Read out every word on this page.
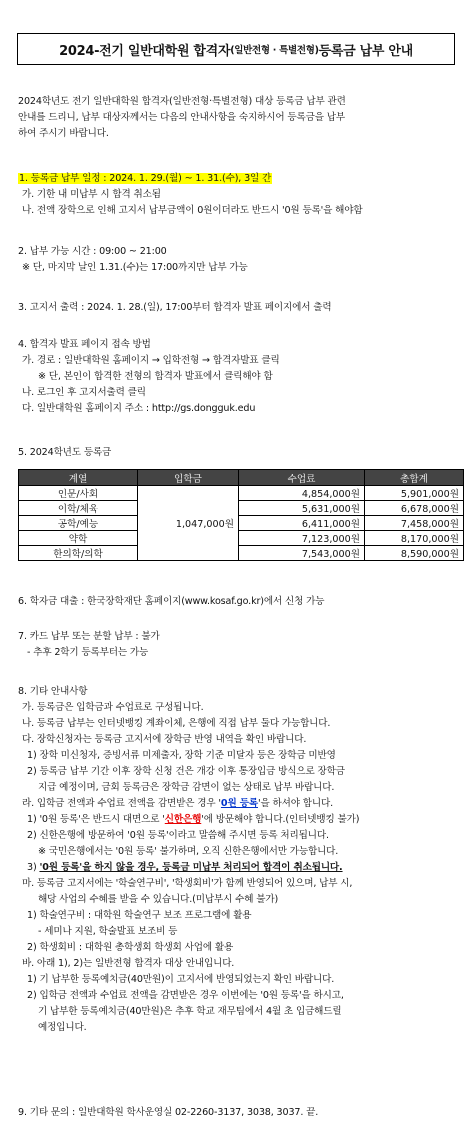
2024-전기 일반대학원 합격자 (일반전형 · 특별전형) 등록금 납부 안내
2024학년도 전기 일반대학원 합격자(일반전형·특별전형) 대상 등록금 납부 관련
안내를 드리니, 납부 대상자께서는 다음의 안내사항을 숙지하시어 등록금을 납부
하여 주시기 바랍니다.
1. 등록금 납부 일정 : 2024. 1. 29.(월) ~ 1. 31.(수), 3일 간
가. 기한 내 미납부 시 합격 취소됨
나. 전액 장학으로 인해 고지서 납부금액이 0원이더라도 반드시 '0원 등록'을 해야함
2. 납부 가능 시간 : 09:00 ~ 21:00
※ 단, 마지막 날인 1.31.(수)는 17:00까지만 납부 가능
3. 고지서 출력 : 2024. 1. 28.(일), 17:00부터 합격자 발표 페이지에서 출력
4. 합격자 발표 페이지 접속 방법
가. 경로 : 일반대학원 홈페이지 → 입학전형 → 합격자발표 클릭
※ 단, 본인이 합격한 전형의 합격자 발표에서 클릭해야 함
나. 로그인 후 고지서출력 클릭
다. 일반대학원 홈페이지 주소 : http://gs.dongguk.edu
5. 2024학년도 등록금
계열	입학금	수업료	총합계
인문/사회	1,047,000원	4,854,000원	5,901,000원
이학/체육		5,631,000원	6,678,000원
공학/예능		6,411,000원	7,458,000원
약학		7,123,000원	8,170,000원
한의학/의학		7,543,000원	8,590,000원
6. 학자금 대출 : 한국장학재단 홈페이지(www.kosaf.go.kr)에서 신청 가능
7. 카드 납부 또는 분할 납부 : 불가
- 추후 2학기 등록부터는 가능
8. 기타 안내사항
가. 등록금은 입학금과 수업료로 구성됩니다.
나. 등록금 납부는 인터넷뱅킹 계좌이체, 은행에 직접 납부 둘다 가능합니다.
다. 장학신청자는 등록금 고지서에 장학금 반영 내역을 확인 바랍니다.
1) 장학 미신청자, 증빙서류 미제출자, 장학 기준 미달자 등은 장학금 미반영
2) 등록금 납부 기간 이후 장학 신청 건은 개강 이후 통장입금 방식으로 장학금
지급 예정이며, 금회 등록금은 장학금 감면이 없는 상태로 납부 바랍니다.
라. 입학금 전액과 수업료 전액을 감면받은 경우 '0원 등록'을 하셔야 합니다.
1) '0원 등록'은 반드시 대면으로 '신한은행'에 방문해야 합니다.(인터넷뱅킹 불가)
2) 신한은행에 방문하여 '0원 등록'이라고 말씀해 주시면 등록 처리됩니다.
※ 국민은행에서는 '0원 등록' 불가하며, 오직 신한은행에서만 가능합니다.
3) '0원 등록'을 하지 않을 경우, 등록금 미납부 처리되어 합격이 취소됩니다.
마. 등록금 고지서에는 '학술연구비', '학생회비'가 함께 반영되어 있으며, 납부 시,
해당 사업의 수혜를 받을 수 있습니다.(미납부시 수혜 불가)
1) 학술연구비 : 대학원 학술연구 보조 프로그램에 활용
- 세미나 지원, 학술발표 보조비 등
2) 학생회비 : 대학원 총학생회 학생회 사업에 활용
바. 아래 1), 2)는 일반전형 합격자 대상 안내입니다.
1) 기 납부한 등록예치금(40만원)이 고지서에 반영되었는지 확인 바랍니다.
2) 입학금 전액과 수업료 전액을 감면받은 경우 이번에는 '0원 등록'을 하시고,
기 납부한 등록예치금(40만원)은 추후 학교 재무팀에서 4월 초 입금해드릴
예정입니다.
9. 기타 문의 : 일반대학원 학사운영실 02-2260-3137, 3038, 3037. 끝.
